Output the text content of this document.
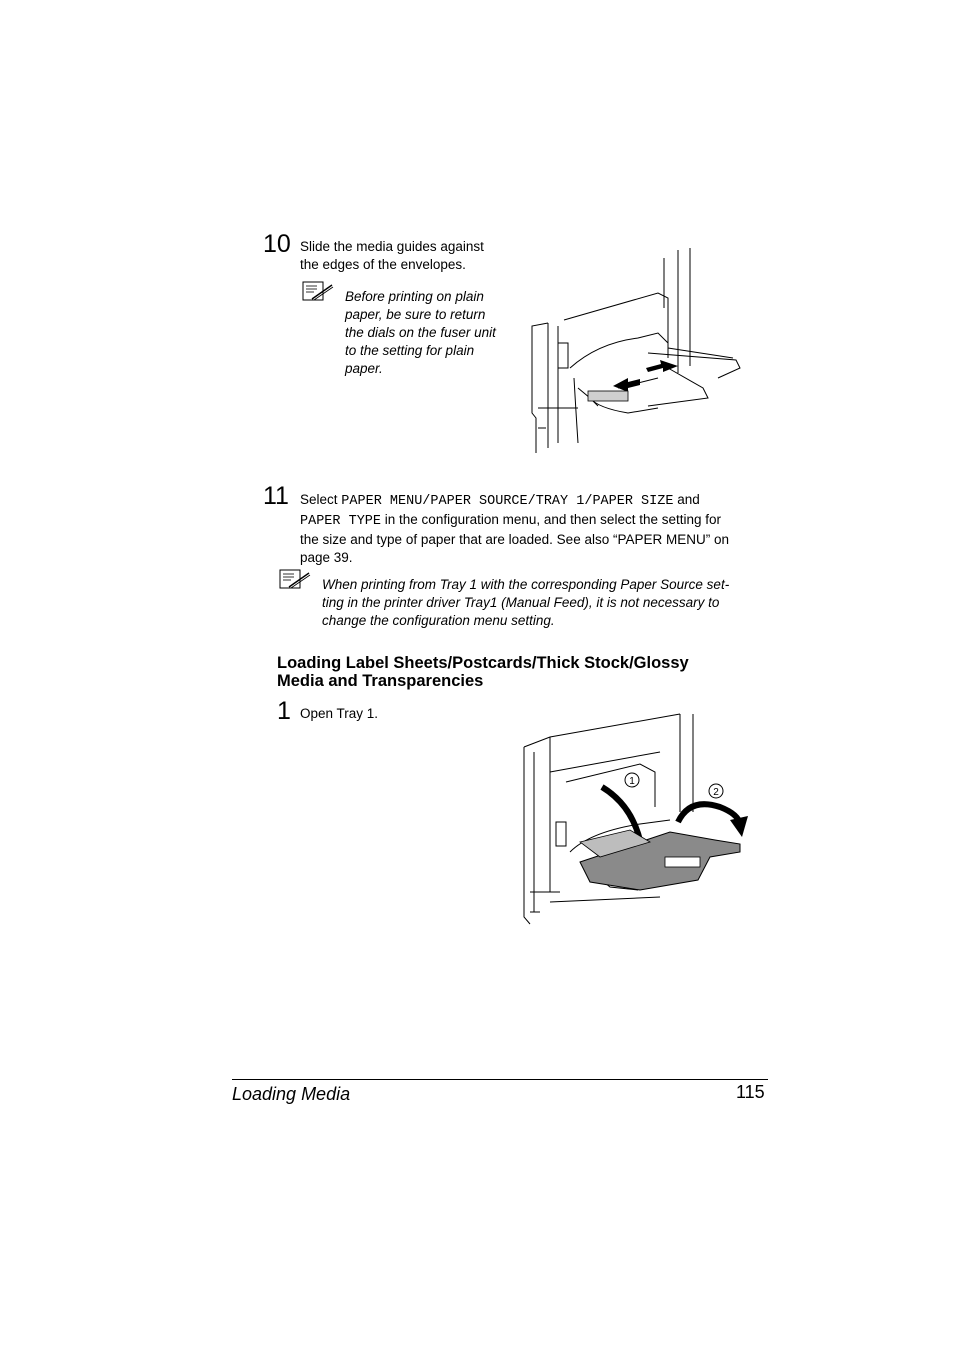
10 Slide the media guides against
the edges of the envelopes.
Before printing on plain
paper, be sure to return
the dials on the fuser unit
to the setting for plain
paper.
11 Select PAPER MENU/PAPER SOURCE/TRAY 1/PAPER SIZE and
PAPER TYPE in the configuration menu, and then select the setting for
the size and type of paper that are loaded. See also “PAPER MENU” on
page 39.
When printing from Tray 1 with the corresponding Paper Source set-
ting in the printer driver Tray1 (Manual Feed), it is not necessary to
change the configuration menu setting.
Loading Label Sheets/Postcards/Thick Stock/Glossy
Media and Transparencies
1 Open Tray 1.
1
2
Loading Media	115
